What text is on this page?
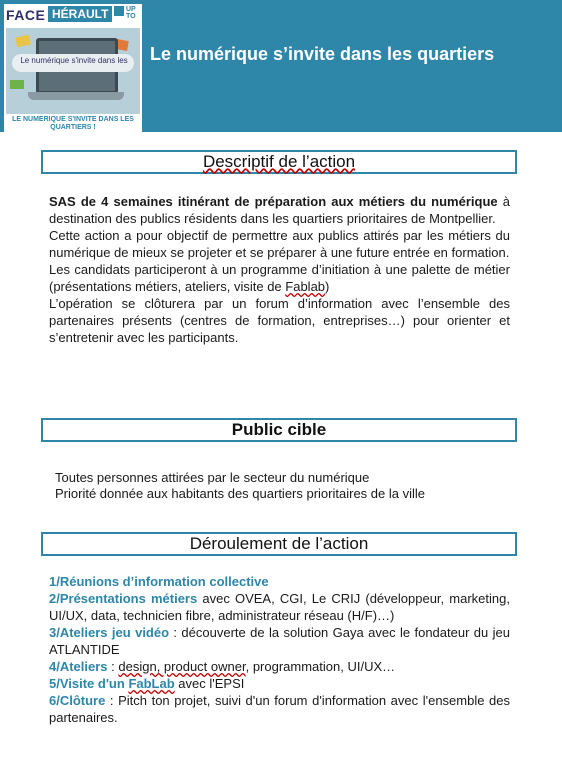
FACE HÉRAULT	UP TO
Le numérique s'invite dans les
LE NUMERIQUE S'INVITE DANS LES QUARTIERS !
Le numérique s’invite dans les quartiers
Descriptif de l’action

SAS de 4 semaines itinérant de préparation aux métiers du numérique à destination des publics résidents dans les quartiers prioritaires de Montpellier.

Cette action a pour objectif de permettre aux publics attirés par les métiers du numérique de mieux se projeter et se préparer à une future entrée en formation.

Les candidats participeront à un programme d’initiation à une palette de métier (présentations métiers, ateliers, visite de Fablab)

L’opération se clôturera par un forum d’information avec l’ensemble des partenaires présents (centres de formation, entreprises…) pour orienter et s’entretenir avec les participants.

Public cible
Toutes personnes attirées par le secteur du numérique
Priorité donnée aux habitants des quartiers prioritaires de la ville
Déroulement de l’action

1/Réunions d’information collective

2/Présentations métiers avec OVEA, CGI, Le CRIJ (développeur, marketing, UI/UX, data, technicien fibre, administrateur réseau (H/F)…)

3/Ateliers jeu vidéo : découverte de la solution Gaya avec le fondateur du jeu ATLANTIDE

4/Ateliers : design, product owner, programmation, UI/UX…

5/Visite d'un FabLab avec l'EPSI

6/Clôture : Pitch ton projet, suivi d'un forum d'information avec l'ensemble des partenaires.
